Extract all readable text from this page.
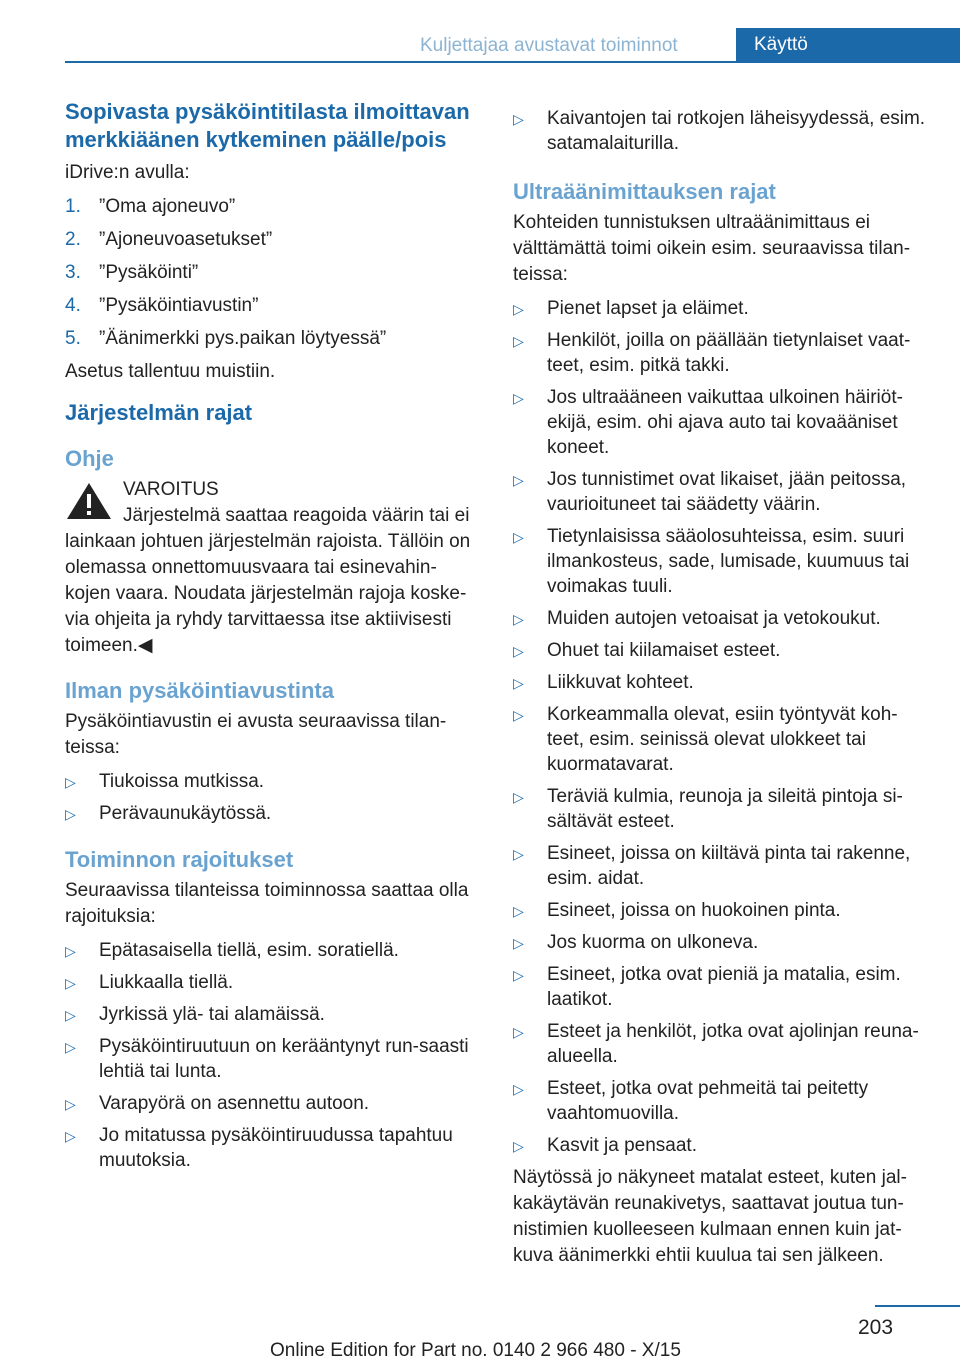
Kuljettajaa avustavat toiminnot	Käyttö
Sopivasta pysäköintitilasta ilmoittavan merkkiäänen kytkeminen päälle/pois

iDrive:n avulla:

1. ”Oma ajoneuvo”
2. ”Ajoneuvoasetukset”
3. ”Pysäköinti”
4. ”Pysäköintiavustin”
5. ”Äänimerkki pys.paikan löytyessä”

Asetus tallentuu muistiin.

Järjestelmän rajat
Ohje
VAROITUS
Järjestelmä saattaa reagoida väärin tai ei lainkaan johtuen järjestelmän rajoista. Tällöin on olemassa onnettomuusvaara tai esinevahin-kojen vaara. Noudata järjestelmän rajoja koske-via ohjeita ja ryhdy tarvittaessa itse aktiivisesti toimeen.◀
Ilman pysäköintiavustinta

Pysäköintiavustin ei avusta seuraavissa tilan-teissa:

▷ Tiukoissa mutkissa.
▷ Perävaunukäytössä.
Toiminnon rajoitukset

Seuraavissa tilanteissa toiminnossa saattaa olla rajoituksia:

▷ Epätasaisella tiellä, esim. soratiellä.
▷ Liukkaalla tiellä.
▷ Jyrkissä ylä- tai alamäissä.
▷ Pysäköintiruutuun on kerääntynyt run-saasti lehtiä tai lunta.
▷ Varapyörä on asennettu autoon.
▷ Jo mitatussa pysäköintiruudussa tapahtuu muutoksia.
▷ Kaivantojen tai rotkojen läheisyydessä, esim. satamalaiturilla.
Ultraäänimittauksen rajat

Kohteiden tunnistuksen ultraäänimittaus ei välttämättä toimi oikein esim. seuraavissa tilan-teissa:

▷ Pienet lapset ja eläimet.
▷ Henkilöt, joilla on päällään tietynlaiset vaat-teet, esim. pitkä takki.
▷ Jos ultraääneen vaikuttaa ulkoinen häiriöt-ekijä, esim. ohi ajava auto tai kovaääniset koneet.
▷ Jos tunnistimet ovat likaiset, jään peitossa, vaurioituneet tai säädetty väärin.
▷ Tietynlaisissa sääolosuhteissa, esim. suuri ilmankosteus, sade, lumisade, kuumuus tai voimakas tuuli.
▷ Muiden autojen vetoaisat ja vetokoukut.
▷ Ohuet tai kiilamaiset esteet.
▷ Liikkuvat kohteet.
▷ Korkeammalla olevat, esiin työntyvät koh-teet, esim. seinissä olevat ulokkeet tai kuormatavarat.
▷ Teräviä kulmia, reunoja ja sileitä pintoja si-sältävät esteet.
▷ Esineet, joissa on kiiltävä pinta tai rakenne, esim. aidat.
▷ Esineet, joissa on huokoinen pinta.
▷ Jos kuorma on ulkoneva.
▷ Esineet, jotka ovat pieniä ja matalia, esim. laatikot.
▷ Esteet ja henkilöt, jotka ovat ajolinjan reuna-alueella.
▷ Esteet, jotka ovat pehmeitä tai peitetty vaahtomuovilla.
▷ Kasvit ja pensaat.

Näytössä jo näkyneet matalat esteet, kuten jal-kakäytävän reunakivetys, saattavat joutua tun-nistimien kuolleeseen kulmaan ennen kuin jat-kuva äänimerkki ehtii kuulua tai sen jälkeen.

203
Online Edition for Part no. 0140 2 966 480 - X/15
